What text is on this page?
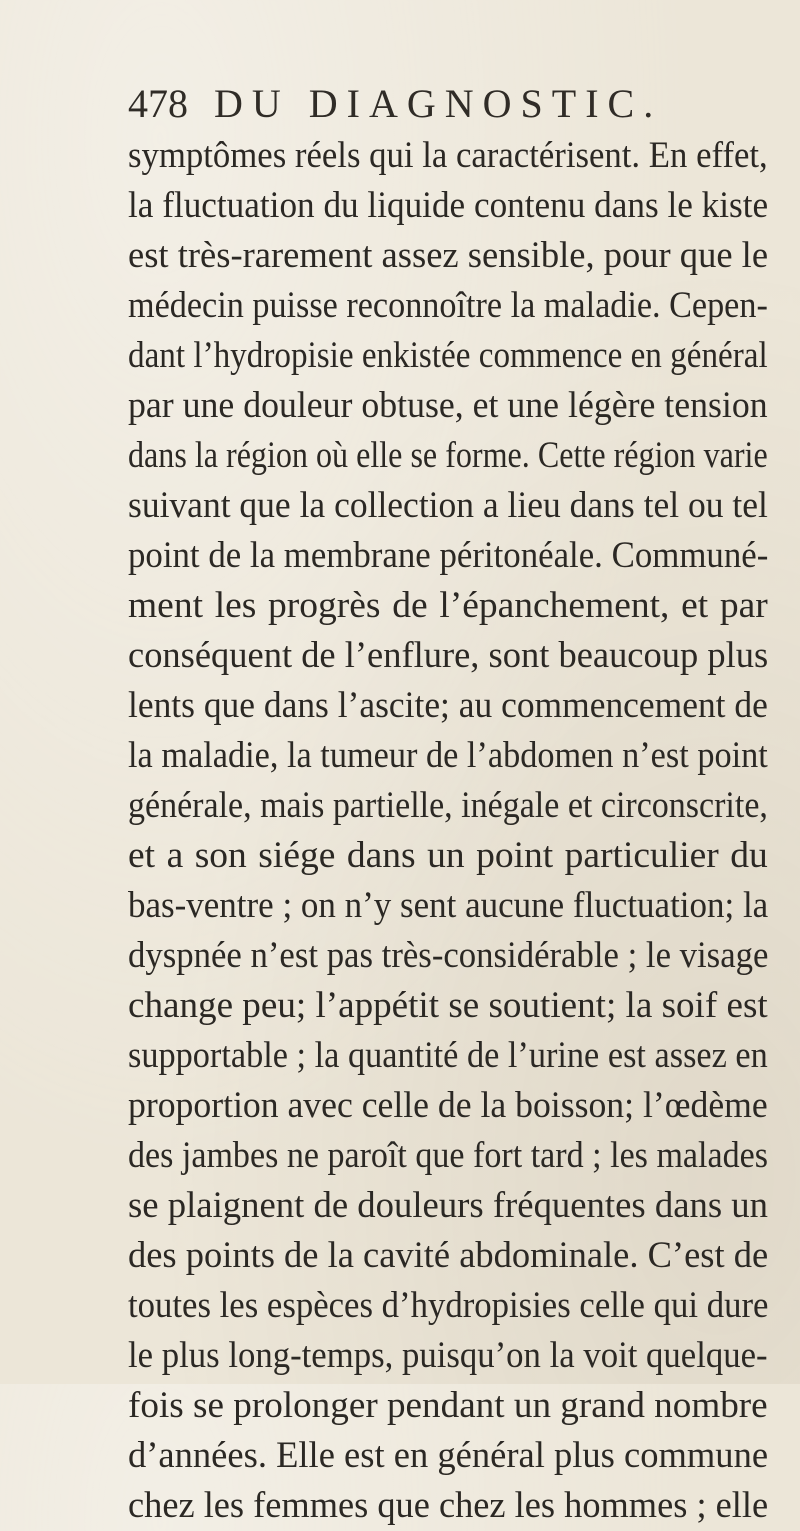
478 DU DIAGNOSTIC.
symptômes réels qui la caractérisent. En effet,
la fluctuation du liquide contenu dans le kiste
est très-rarement assez sensible, pour que le
médecin puisse reconnoître la maladie. Cepen-
dant l’hydropisie enkistée commence en général
par une douleur obtuse, et une légère tension
dans la région où elle se forme. Cette région varie
suivant que la collection a lieu dans tel ou tel
point de la membrane péritonéale. Communé-
ment les progrès de l’épanchement, et par
conséquent de l’enflure, sont beaucoup plus
lents que dans l’ascite; au commencement de
la maladie, la tumeur de l’abdomen n’est point
générale, mais partielle, inégale et circonscrite,
et a son siége dans un point particulier du
bas-ventre ; on n’y sent aucune fluctuation; la
dyspnée n’est pas très-considérable ; le visage
change peu; l’appétit se soutient; la soif est
supportable ; la quantité de l’urine est assez en
proportion avec celle de la boisson; l’œdème
des jambes ne paroît que fort tard ; les malades
se plaignent de douleurs fréquentes dans un
des points de la cavité abdominale. C’est de
toutes les espèces d’hydropisies celle qui dure
le plus long-temps, puisqu’on la voit quelque-
fois se prolonger pendant un grand nombre
d’années. Elle est en général plus commune
chez les femmes que chez les hommes ; elle
